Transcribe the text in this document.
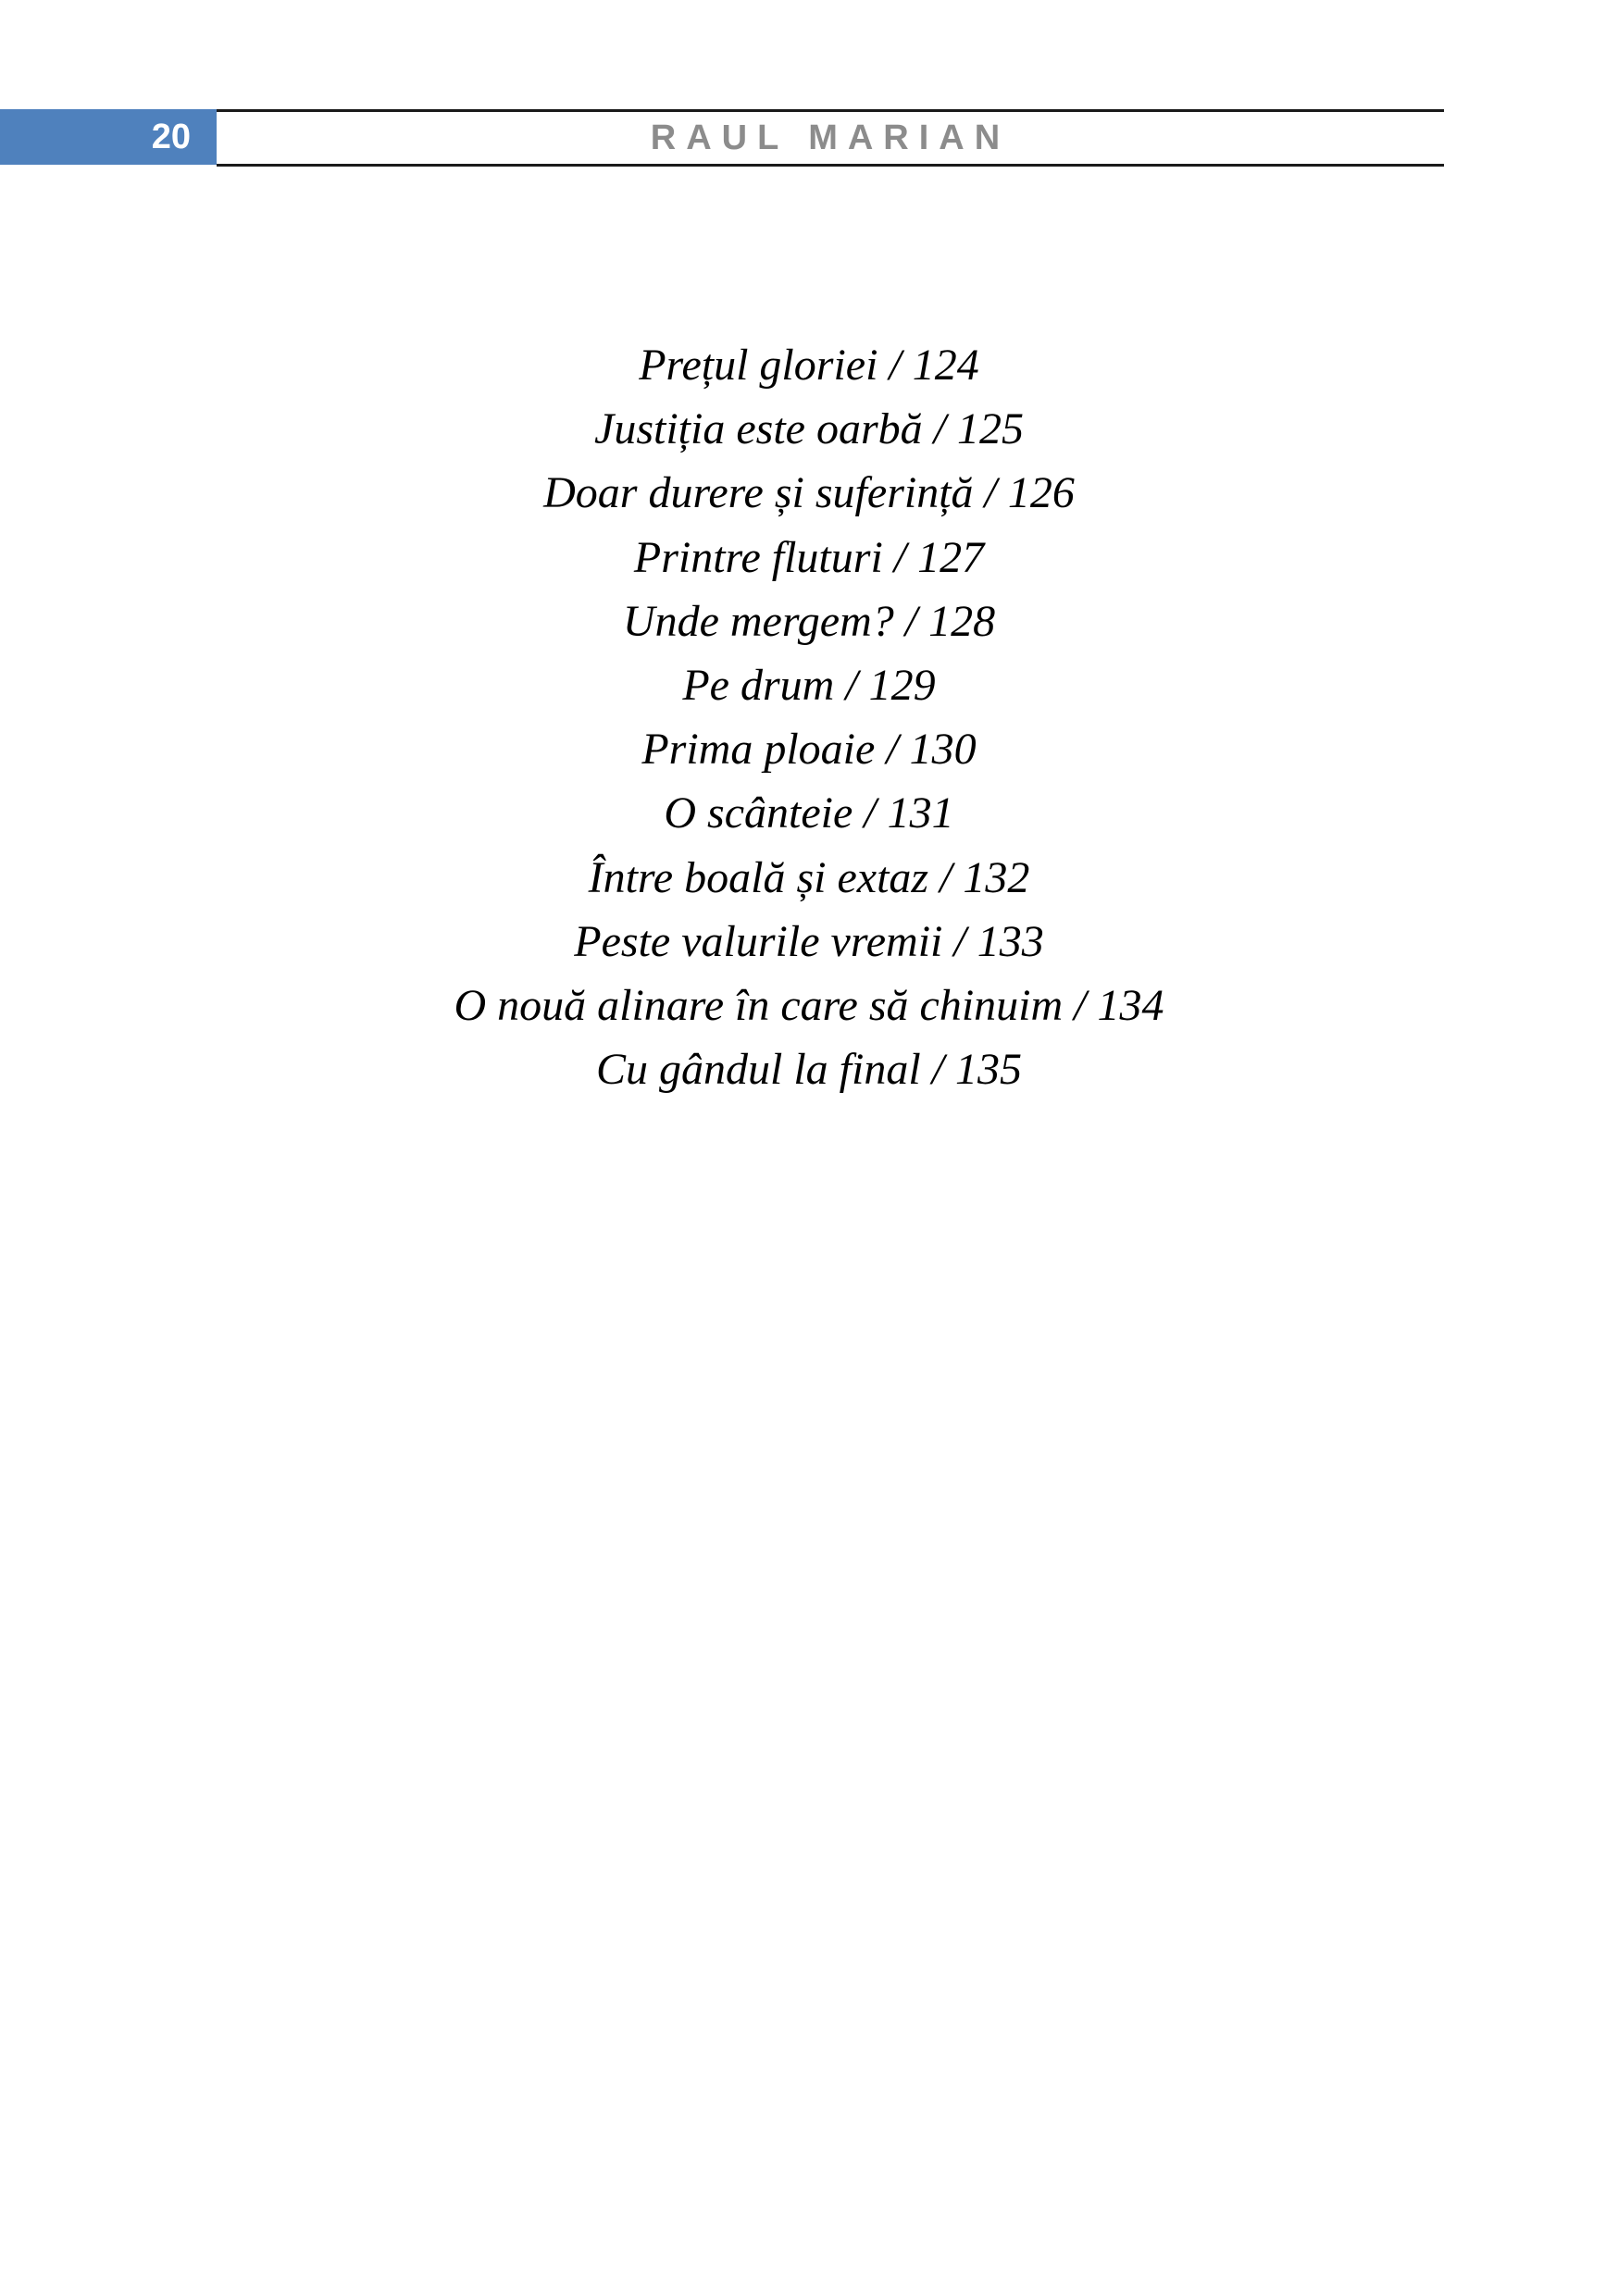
20	RAUL MARIAN
Prețul gloriei / 124
Justiția este oarbă / 125
Doar durere și suferință / 126
Printre fluturi / 127
Unde mergem? / 128
Pe drum / 129
Prima ploaie / 130
O scânteie / 131
Între boală și extaz / 132
Peste valurile vremii / 133
O nouă alinare în care să chinuim / 134
Cu gândul la final / 135
